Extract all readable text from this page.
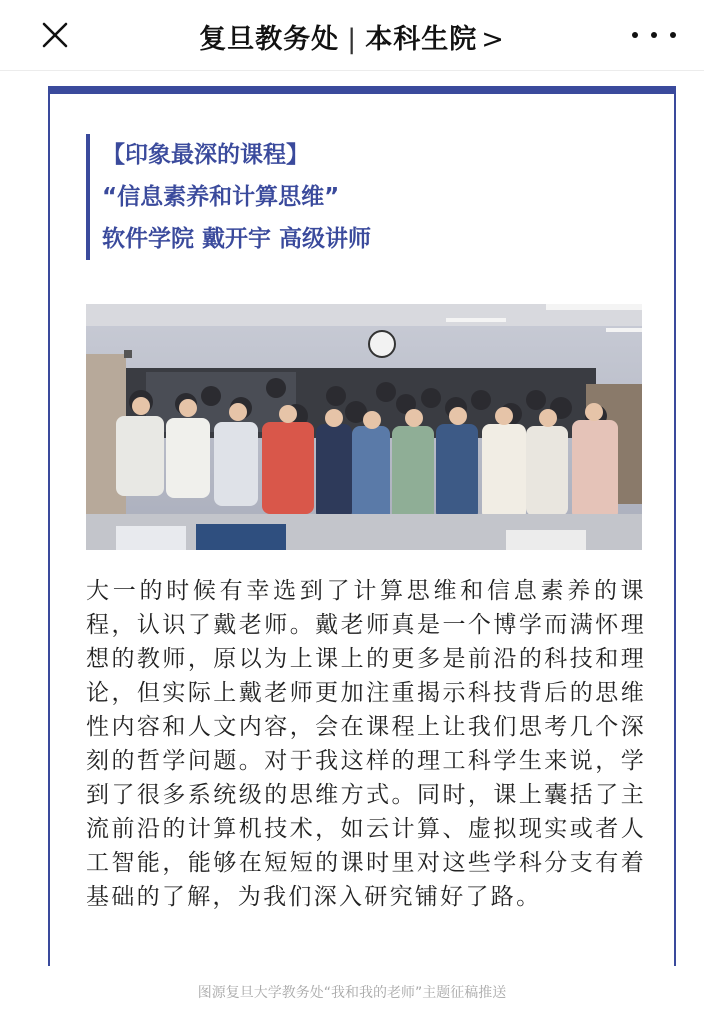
复旦教务处 | 本科生院 >
【印象最深的课程】
“信息素养和计算思维”
软件学院 戴开宇 高级讲师
大一的时候有幸选到了计算思维和信息素养的课程，认识了戴老师。戴老师真是一个博学而满怀理想的教师，原以为上课上的更多是前沿的科技和理论，但实际上戴老师更加注重揭示科技背后的思维性内容和人文内容，会在课程上让我们思考几个深刻的哲学问题。对于我这样的理工科学生来说，学到了很多系统级的思维方式。同时，课上囊括了主流前沿的计算机技术，如云计算、虚拟现实或者人工智能，能够在短短的课时里对这些学科分支有着基础的了解，为我们深入研究铺好了路。
图源复旦大学教务处“我和我的老师”主题征稿推送
